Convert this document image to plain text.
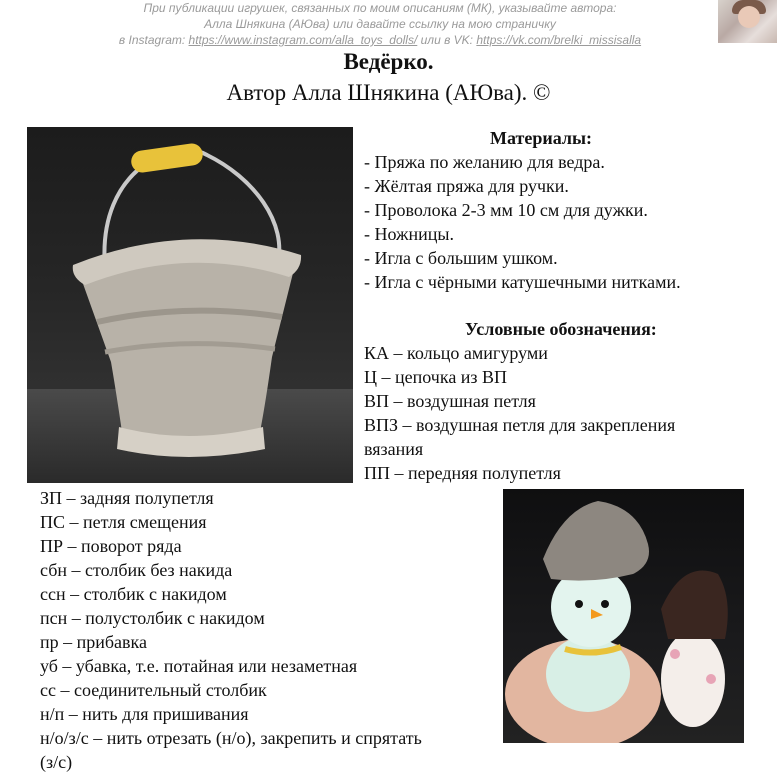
При публикации игрушек, связанных по моим описаниям (МК), указывайте автора:
Алла Шнякина (АЮва) или давайте ссылку на мою страничку
в Instagram: https://www.instagram.com/alla_toys_dolls/ или в VK: https://vk.com/brelki_missisalla
Ведёрко.
Автор Алла Шнякина (АЮва). ©
Материалы:
- Пряжа по желанию для ведра.
- Жёлтая пряжа для ручки.
- Проволока 2-3 мм 10 см для дужки.
- Ножницы.
- Игла с большим ушком.
- Игла с чёрными катушечными нитками.
Условные обозначения:
КА – кольцо амигуруми
Ц – цепочка из ВП
ВП – воздушная петля
ВПЗ – воздушная петля для закрепления
вязания
ПП – передняя полупетля
ЗП – задняя полупетля
ПС – петля смещения
ПР – поворот ряда
сбн – столбик без накида
ссн – столбик с накидом
псн – полустолбик с накидом
пр – прибавка
уб – убавка, т.е. потайная или незаметная
сс – соединительный столбик
н/п – нить для пришивания
н/о/з/с – нить отрезать (н/о), закрепить и спрятать
(з/с)
